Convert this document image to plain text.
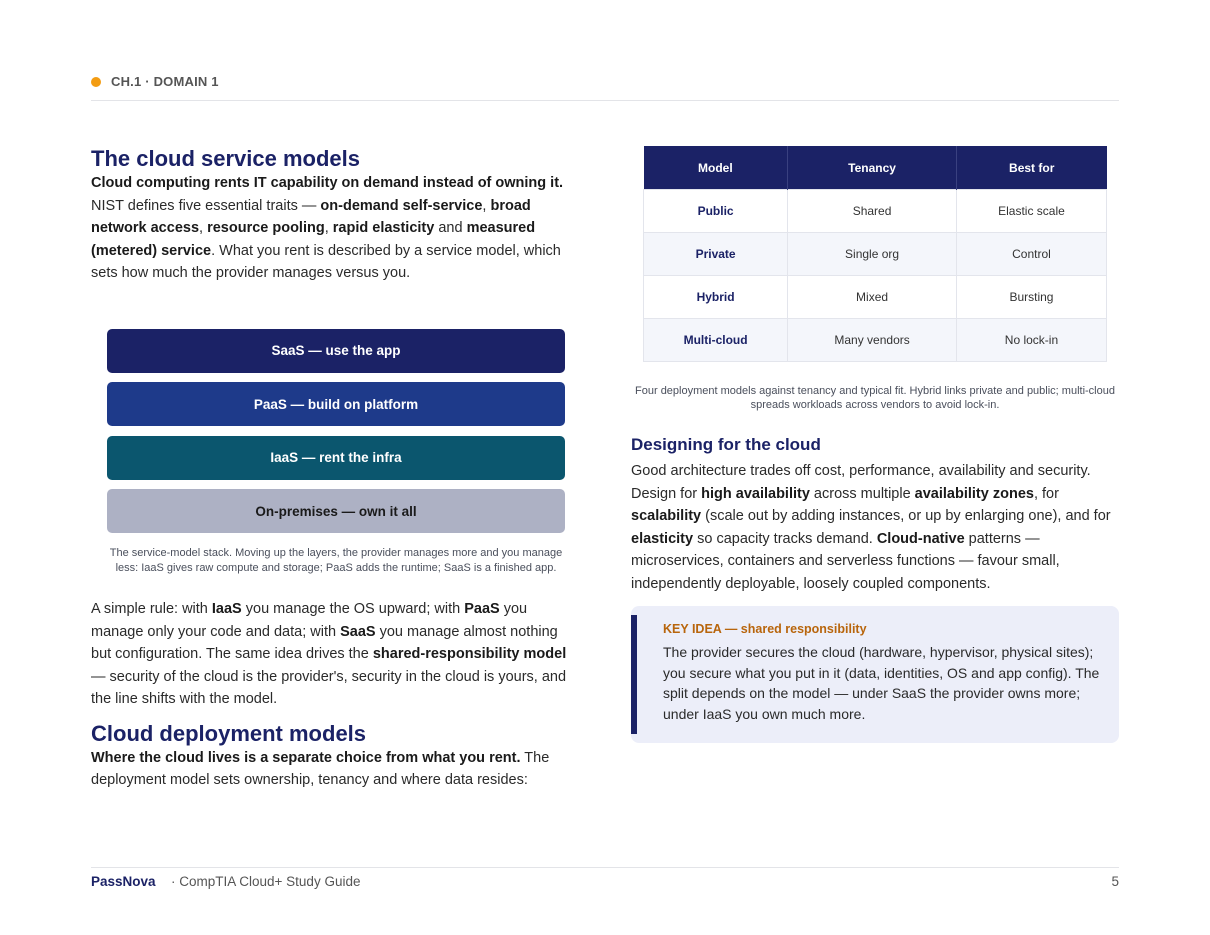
CH.1 · DOMAIN 1
The cloud service models

Cloud computing rents IT capability on demand instead of owning it.
NIST defines five essential traits — on-demand self-service, broad network access, resource pooling, rapid elasticity and measured (metered) service. What you rent is described by a service model, which sets how much the provider manages versus you.

SaaS — use the app
PaaS — build on platform
IaaS — rent the infra
On-premises — own it all
The service-model stack. Moving up the layers, the provider manages more and you manage less: IaaS gives raw compute and storage; PaaS adds the runtime; SaaS is a finished app.

A simple rule: with IaaS you manage the OS upward; with PaaS you manage only your code and data; with SaaS you manage almost nothing but configuration. The same idea drives the shared-responsibility model — security of the cloud is the provider's, security in the cloud is yours, and the line shifts with the model.

Cloud deployment models

Where the cloud lives is a separate choice from what you rent. The deployment model sets ownership, tenancy and where data resides:

Model	Tenancy	Best for
Public	Shared	Elastic scale
Private	Single org	Control
Hybrid	Mixed	Bursting
Multi-cloud	Many vendors	No lock-in
Four deployment models against tenancy and typical fit. Hybrid links private and public; multi-cloud spreads workloads across vendors to avoid lock-in.
Designing for the cloud

Good architecture trades off cost, performance, availability and security. Design for high availability across multiple availability zones, for scalability (scale out by adding instances, or up by enlarging one), and for elasticity so capacity tracks demand. Cloud-native patterns — microservices, containers and serverless functions — favour small, independently deployable, loosely coupled components.

KEY IDEA — shared responsibility
The provider secures the cloud (hardware, hypervisor, physical sites); you secure what you put in it (data, identities, OS and app config). The split depends on the model — under SaaS the provider owns more; under IaaS you own much more.
PassNova · CompTIA Cloud+ Study Guide	5
